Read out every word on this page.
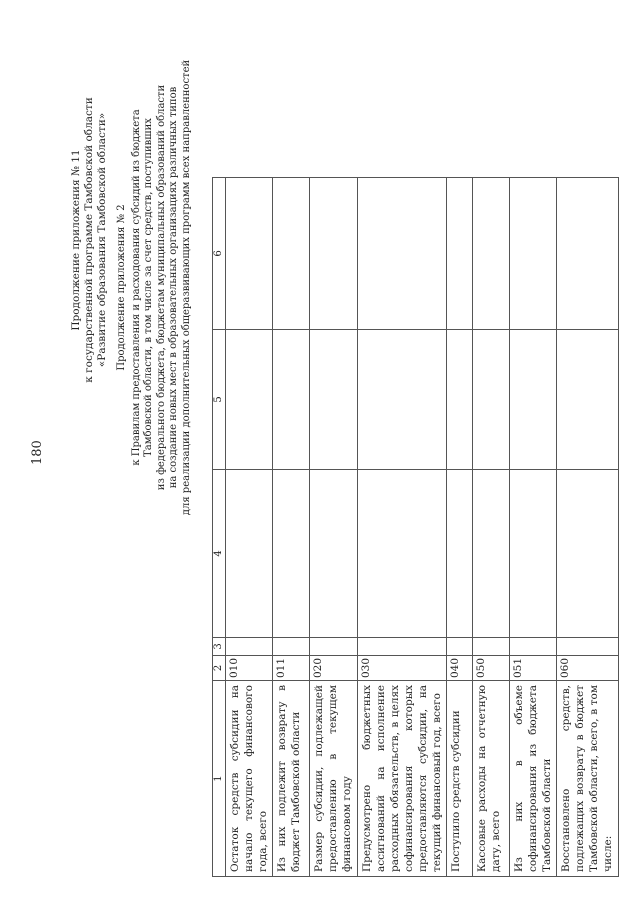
180
Продолжение приложения № 11 к государственной программе Тамбовской области «Развитие образования Тамбовской области» Продолжение приложения № 2 к Правилам предоставления и расходования субсидий из бюджета Тамбовской области, в том числе за счет средств, поступивших из федерального бюджета, бюджетам муниципальных образований области на создание новых мест в образовательных организациях различных типов для реализации дополнительных общеразвивающих программ всех направленностей
1	2	3	4	5	6
Остаток средств субсидии на начало текущего финансового года, всего	010				
Из них подлежит возврату в бюджет Тамбовской области	011				
Размер субсидии, подлежащей предоставлению в текущем финансовом году	020				
Предусмотрено бюджетных ассигнований на исполнение расходных обязательств, в целях софинансирования которых предоставляются субсидии, на текущий финансовый год, всего	030				
Поступило средств субсидии	040				
Кассовые расходы на отчетную дату, всего	050				
Из них в объеме софинансирования из бюджета Тамбовской области	051				
Восстановлено средств, подлежащих возврату в бюджет Тамбовской области, всего, в том числе:	060				
